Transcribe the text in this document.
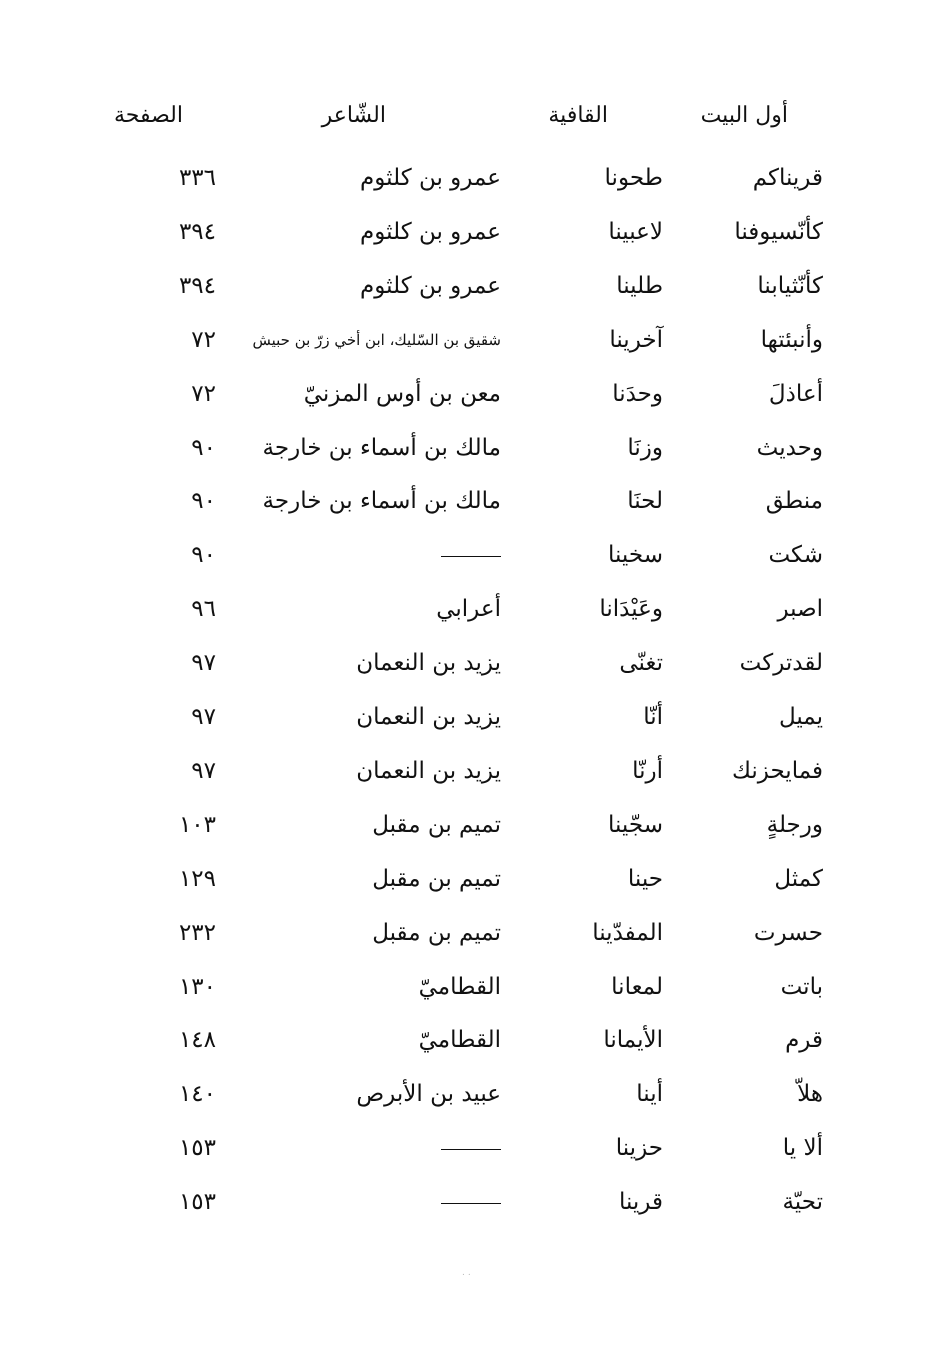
أول البيت
القافية
الشّاعر
الصفحة
قريناكم
طحونا
عمرو بن كلثوم
٣٣٦
كأنّسيوفنا
لاعبينا
عمرو بن كلثوم
٣٩٤
كأنّثيابنا
طلينا
عمرو بن كلثوم
٣٩٤
وأنبئتها
آخرينا
شقيق بن السّليك، ابن أخي زرّ بن حبيش
٧٢
أعاذلَ
وحدَنا
معن بن أوس المزنيّ
٧٢
وحديث
وزنَا
مالك بن أسماء بن خارجة
٩٠
منطق
لحنَا
مالك بن أسماء بن خارجة
٩٠
شكت
سخينا
٩٠
اصبر
وعَيْدَانا
أعرابي
٩٦
لقدتركت
تغنّى
يزيد بن النعمان
٩٧
يميل
أنّا
يزيد بن النعمان
٩٧
فمايحزنك
أرنّا
يزيد بن النعمان
٩٧
ورجلةٍ
سجّينا
تميم بن مقبل
١٠٣
كمثل
حينا
تميم بن مقبل
١٢٩
حسرت
المفدّينا
تميم بن مقبل
٢٣٢
باتت
لمعانا
القطاميّ
١٣٠
قرم
الأيمانا
القطاميّ
١٤٨
هلاّ
أينا
عبيد بن الأبرص
١٤٠
ألا يا
حزينا
١٥٣
تحيّة
قرينا
١٥٣
..
